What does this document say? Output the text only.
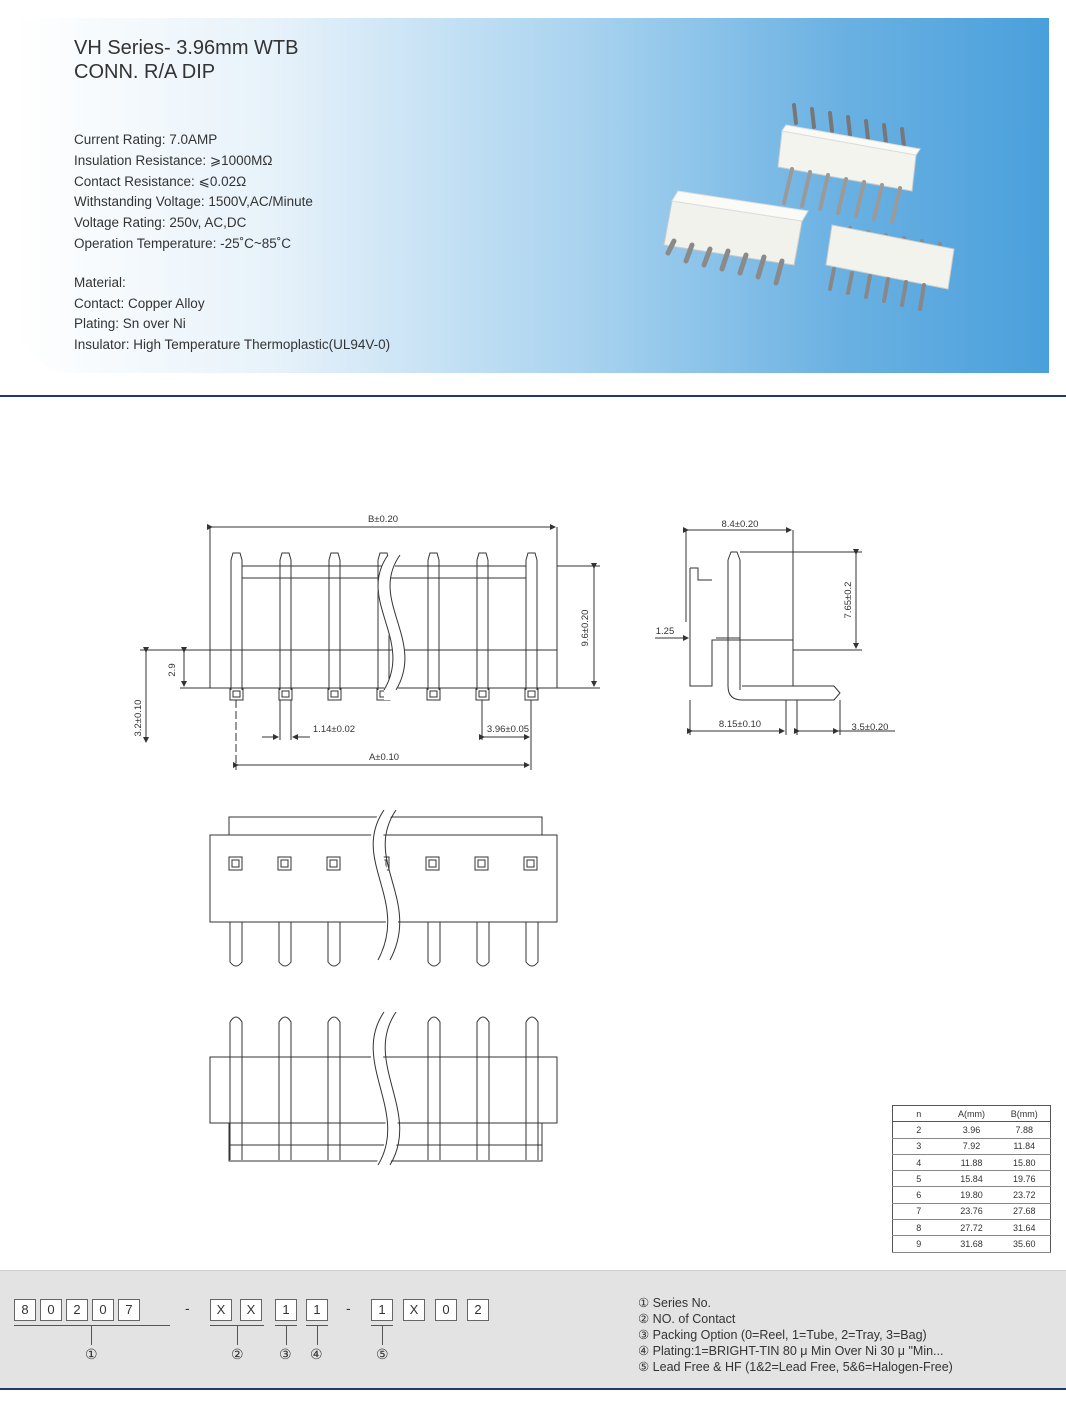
VH Series- 3.96mm WTB
CONN. R/A DIP
Current Rating: 7.0AMP
Insulation Resistance: ⩾1000MΩ
Contact Resistance: ⩽0.02Ω
Withstanding Voltage: 1500V,AC/Minute
Voltage Rating: 250v, AC,DC
Operation Temperature: -25˚C~85˚C
Material:
Contact: Copper Alloy
Plating: Sn over Ni
Insulator: High Temperature Thermoplastic(UL94V-0)
B±0.20
9.6±0.20
2.9
3.2±0.10	1.14±0.02	3.96±0.05
A±0.10
8.4±0.20
7.65±0.2
1.25
8.15±0.10	3.5±0.20
n	A(mm)	B(mm)
2	3.96	7.88
3	7.92	11.84
4	11.88	15.80
5	15.84	19.76
6	19.80	23.72
7	23.76	27.68
8	27.72	31.64
9	31.68	35.60
8	0	2	0	7	-	X	X	1	1	-	1	X	0	2
①	②	③ ④	⑤
① Series No.
② NO. of Contact
③ Packing Option (0=Reel, 1=Tube, 2=Tray, 3=Bag)
④ Plating:1=BRIGHT-TIN 80 μ Min Over Ni 30 μ "Min...
⑤ Lead Free & HF (1&2=Lead Free, 5&6=Halogen-Free)
